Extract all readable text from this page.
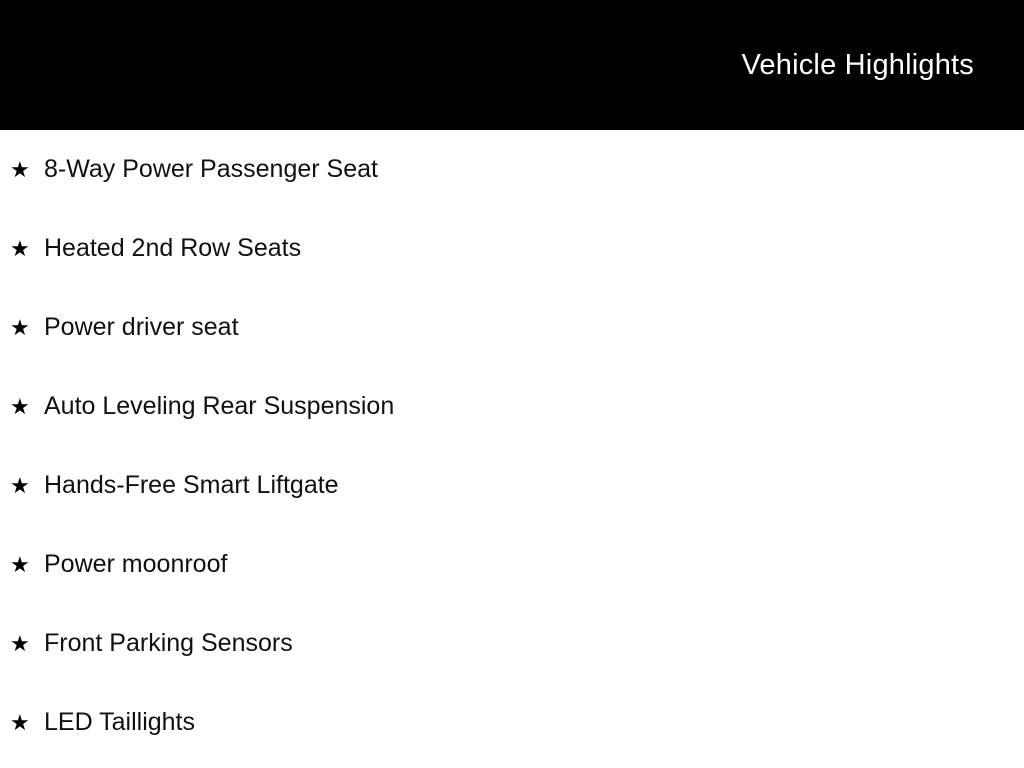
Vehicle Highlights
★ 8-Way Power Passenger Seat
★ Heated 2nd Row Seats
★ Power driver seat
★ Auto Leveling Rear Suspension
★ Hands-Free Smart Liftgate
★ Power moonroof
★ Front Parking Sensors
★ LED Taillights
